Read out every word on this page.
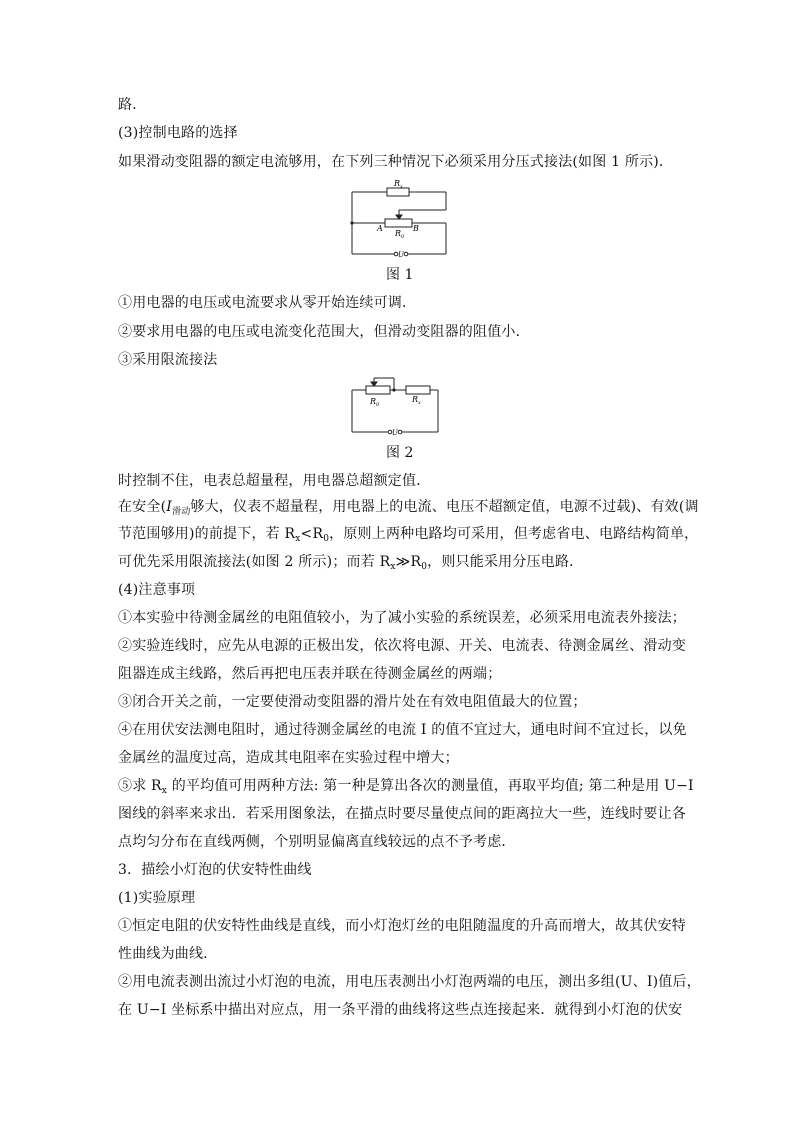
路．
(3)控制电路的选择
如果滑动变阻器的额定电流够用，在下列三种情况下必须采用分压式接法(如图 1 所示)．
$R_x$
$R_0$
A	B
U
图 1
①用电器的电压或电流要求从零开始连续可调．
②要求用电器的电压或电流变化范围大，但滑动变阻器的阻值小．
③采用限流接法
$R_0$
$R_x$
U
图 2
时控制不住，电表总超量程，用电器总超额定值．
在安全($I_{滑动}$够大，仪表不超量程，用电器上的电流、电压不超额定值，电源不过载)、有效(调
节范围够用)的前提下，若 $R_x<R_0$，原则上两种电路均可采用，但考虑省电、电路结构简单，
可优先采用限流接法(如图 2 所示)；而若 $R_x≫R_0$，则只能采用分压电路．
(4)注意事项
①本实验中待测金属丝的电阻值较小，为了减小实验的系统误差，必须采用电流表外接法；
②实验连线时，应先从电源的正极出发，依次将电源、开关、电流表、待测金属丝、滑动变
阻器连成主线路，然后再把电压表并联在待测金属丝的两端；
③闭合开关之前，一定要使滑动变阻器的滑片处在有效电阻值最大的位置；
④在用伏安法测电阻时，通过待测金属丝的电流 I 的值不宜过大，通电时间不宜过长，以免
金属丝的温度过高，造成其电阻率在实验过程中增大；
⑤求 $R_x$ 的平均值可用两种方法: 第一种是算出各次的测量值，再取平均值; 第二种是用 U−I
图线的斜率来求出．若采用图象法，在描点时要尽量使点间的距离拉大一些，连线时要让各
点均匀分布在直线两侧，个别明显偏离直线较远的点不予考虑．
3．描绘小灯泡的伏安特性曲线
(1)实验原理
①恒定电阻的伏安特性曲线是直线，而小灯泡灯丝的电阻随温度的升高而增大，故其伏安特
性曲线为曲线．
②用电流表测出流过小灯泡的电流，用电压表测出小灯泡两端的电压，测出多组(U、I)值后，
在 U−I 坐标系中描出对应点，用一条平滑的曲线将这些点连接起来．就得到小灯泡的伏安
